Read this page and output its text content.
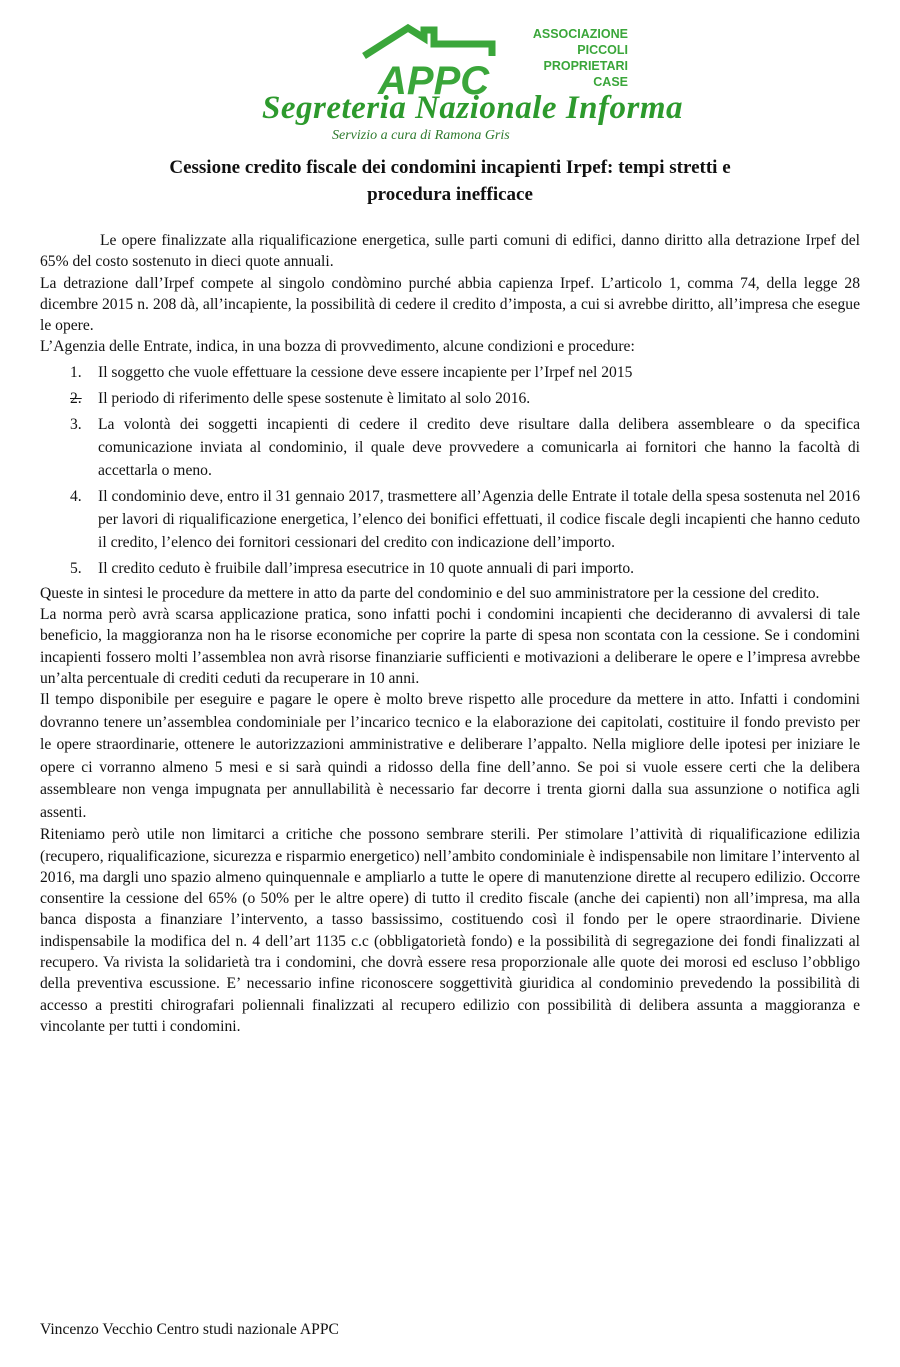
APPC
ASSOCIAZIONE
PICCOLI
PROPRIETARI
CASE
Segreteria Nazionale Informa
Servizio a cura di Ramona Gris
Cessione credito fiscale dei condomini incapienti Irpef: tempi stretti e
procedura inefficace

Le opere finalizzate alla riqualificazione energetica, sulle parti comuni di edifici, danno diritto alla detrazione Irpef del 65% del costo sostenuto in dieci quote annuali.

La detrazione dall’Irpef compete al singolo condòmino purché abbia capienza Irpef. L’articolo 1, comma 74, della legge 28 dicembre 2015 n. 208 dà, all’incapiente, la possibilità di cedere il credito d’imposta, a cui si avrebbe diritto, all’impresa che esegue le opere.

L’Agenzia delle Entrate, indica, in una bozza di provvedimento, alcune condizioni e procedure:

1. Il soggetto che vuole effettuare la cessione deve essere incapiente per l’Irpef nel 2015
2. Il periodo di riferimento delle spese sostenute è limitato al solo 2016.
3. La volontà dei soggetti incapienti di cedere il credito deve risultare dalla delibera assembleare o da specifica comunicazione inviata al condominio, il quale deve provvedere a comunicarla ai fornitori che hanno la facoltà di accettarla o meno.
4. Il condominio deve, entro il 31 gennaio 2017, trasmettere all’Agenzia delle Entrate il totale della spesa sostenuta nel 2016 per lavori di riqualificazione energetica, l’elenco dei bonifici effettuati, il codice fiscale degli incapienti che hanno ceduto il credito, l’elenco dei fornitori cessionari del credito con indicazione dell’importo.
5. Il credito ceduto è fruibile dall’impresa esecutrice in 10 quote annuali di pari importo.

Queste in sintesi le procedure da mettere in atto da parte del condominio e del suo amministratore per la cessione del credito.

La norma però avrà scarsa applicazione pratica, sono infatti pochi i condomini incapienti che decideranno di avvalersi di tale beneficio, la maggioranza non ha le risorse economiche per coprire la parte di spesa non scontata con la cessione. Se i condomini incapienti fossero molti l’assemblea non avrà risorse finanziarie sufficienti e motivazioni a deliberare le opere e l’impresa avrebbe un’alta percentuale di crediti ceduti da recuperare in 10 anni.

Il tempo disponibile per eseguire e pagare le opere è molto breve rispetto alle procedure da mettere in atto. Infatti i condomini dovranno tenere un’assemblea condominiale per l’incarico tecnico e la elaborazione dei capitolati, costituire il fondo previsto per le opere straordinarie, ottenere le autorizzazioni amministrative e deliberare l’appalto. Nella migliore delle ipotesi per iniziare le opere ci vorranno almeno 5 mesi e si sarà quindi a ridosso della fine dell’anno. Se poi si vuole essere certi che la delibera assembleare non venga impugnata per annullabilità è necessario far decorre i trenta giorni dalla sua assunzione o notifica agli assenti.

Riteniamo però utile non limitarci a critiche che possono sembrare sterili. Per stimolare l’attività di riqualificazione edilizia (recupero, riqualificazione, sicurezza e risparmio energetico) nell’ambito condominiale è indispensabile non limitare l’intervento al 2016, ma dargli uno spazio almeno quinquennale e ampliarlo a tutte le opere di manutenzione dirette al recupero edilizio. Occorre consentire la cessione del 65% (o 50% per le altre opere) di tutto il credito fiscale (anche dei capienti) non all’impresa, ma alla banca disposta a finanziare l’intervento, a tasso bassissimo, costituendo così il fondo per le opere straordinarie. Diviene indispensabile la modifica del n. 4 dell’art 1135 c.c (obbligatorietà fondo) e la possibilità di segregazione dei fondi finalizzati al recupero. Va rivista la solidarietà tra i condomini, che dovrà essere resa proporzionale alle quote dei morosi ed escluso l’obbligo della preventiva escussione. E’ necessario infine riconoscere soggettività giuridica al condominio prevedendo la possibilità di accesso a prestiti chirografari poliennali finalizzati al recupero edilizio con possibilità di delibera assunta a maggioranza e vincolante per tutti i condomini.

Vincenzo Vecchio Centro studi nazionale APPC
